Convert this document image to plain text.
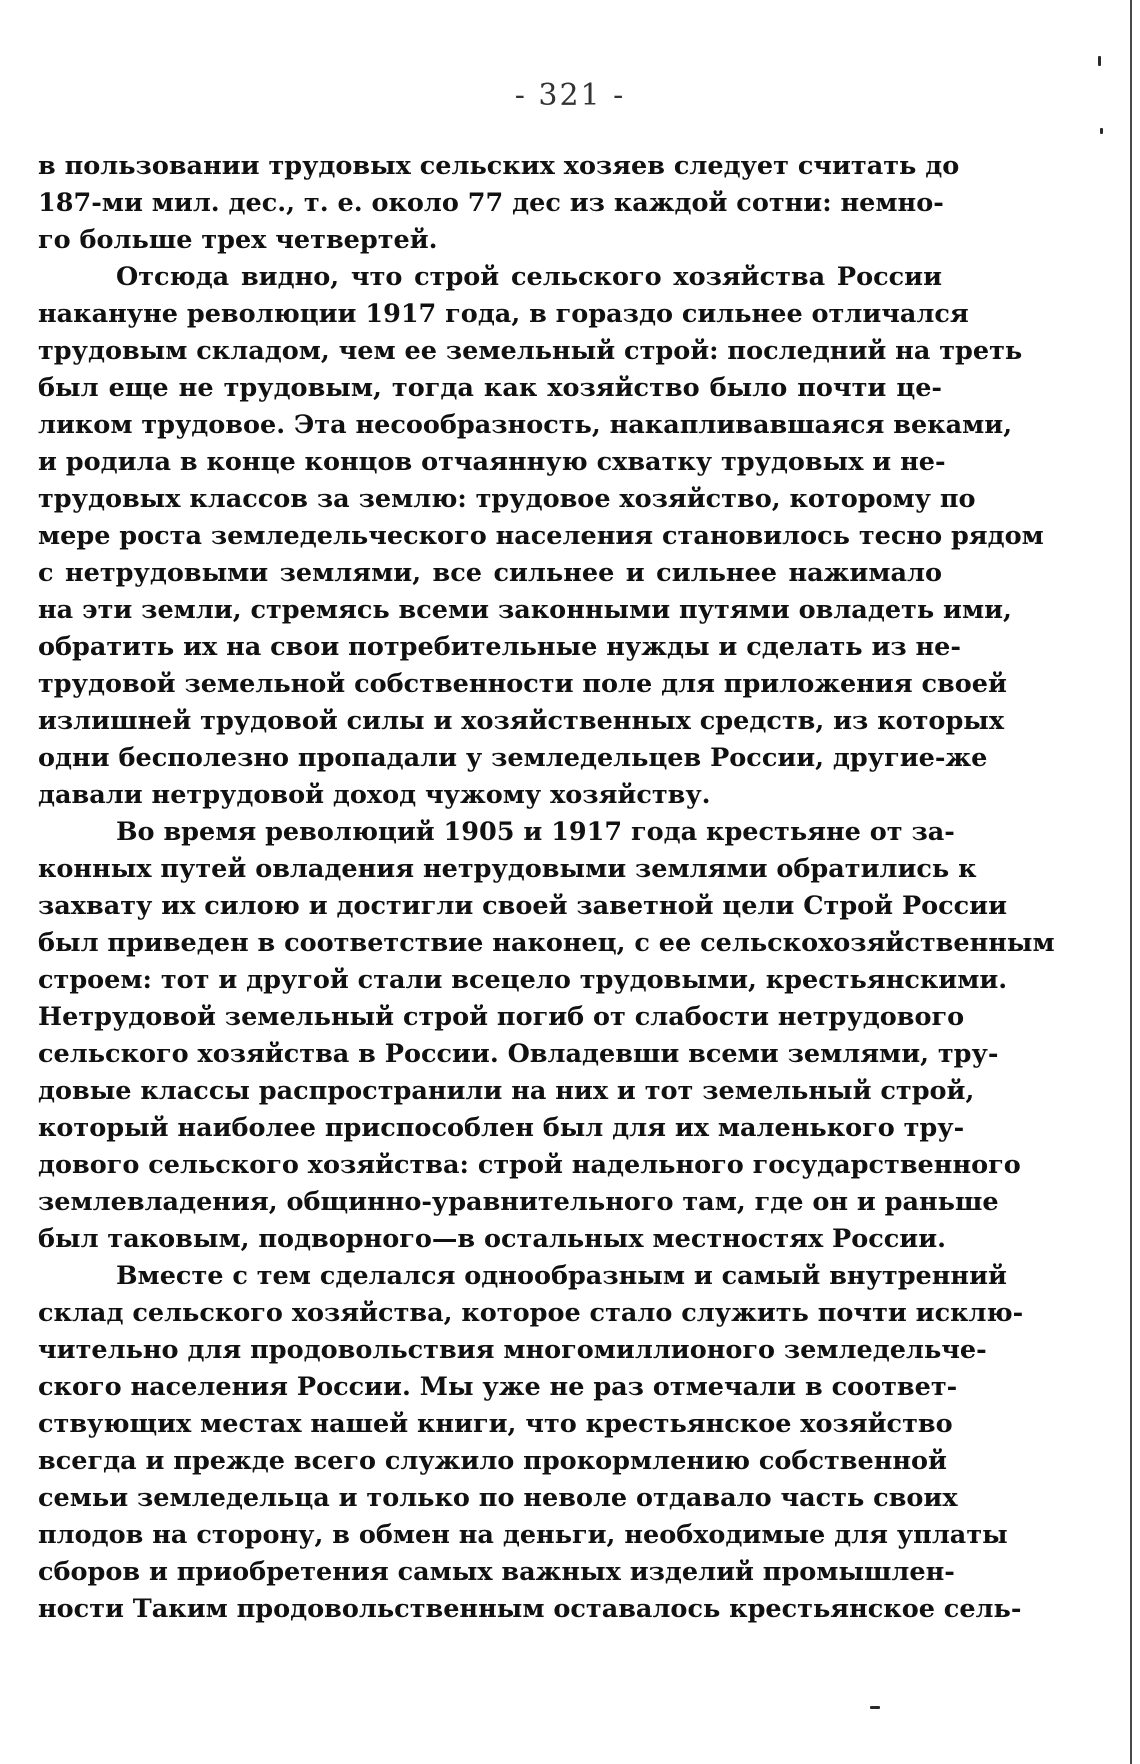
- 321 -
в пользовании трудовых сельских хозяев следует считать до
187-ми мил. дес., т. е. около 77 дес из каждой сотни: немно-
го больше трех четвертей.
Отсюда видно, что строй сельского хозяйства России
накануне революции 1917 года, в гораздо сильнее отличался
трудовым складом, чем ее земельный строй: последний на треть
был еще не трудовым, тогда как хозяйство было почти це-
ликом трудовое. Эта несообразность, накапливавшаяся веками,
и родила в конце концов отчаянную схватку трудовых и не-
трудовых классов за землю: трудовое хозяйство, которому по
мере роста земледельческого населения становилось тесно рядом
с нетрудовыми землями, все сильнее и сильнее нажимало
на эти земли, стремясь всеми законными путями овладеть ими,
обратить их на свои потребительные нужды и сделать из не-
трудовой земельной собственности поле для приложения своей
излишней трудовой силы и хозяйственных средств, из которых
одни бесполезно пропадали у земледельцев России, другие-же
давали нетрудовой доход чужому хозяйству.
Во время революций 1905 и 1917 года крестьяне от за-
конных путей овладения нетрудовыми землями обратились к
захвату их силою и достигли своей заветной цели Строй России
был приведен в соответствие наконец, с ее сельскохозяйственным
строем: тот и другой стали всецело трудовыми, крестьянскими.
Нетрудовой земельный строй погиб от слабости нетрудового
сельского хозяйства в России. Овладевши всеми землями, тру-
довые классы распространили на них и тот земельный строй,
который наиболее приспособлен был для их маленького тру-
дового сельского хозяйства: строй надельного государственного
землевладения, общинно-уравнительного там, где он и раньше
был таковым, подворного—в остальных местностях России.
Вместе с тем сделался однообразным и самый внутренний
склад сельского хозяйства, которое стало служить почти исклю-
чительно для продовольствия многомиллионого земледельче-
ского населения России. Мы уже не раз отмечали в соответ-
ствующих местах нашей книги, что крестьянское хозяйство
всегда и прежде всего служило прокормлению собственной
семьи земледельца и только по неволе отдавало часть своих
плодов на сторону, в обмен на деньги, необходимые для уплаты
сборов и приобретения самых важных изделий промышлен-
ности Таким продовольственным оставалось крестьянское сель-
